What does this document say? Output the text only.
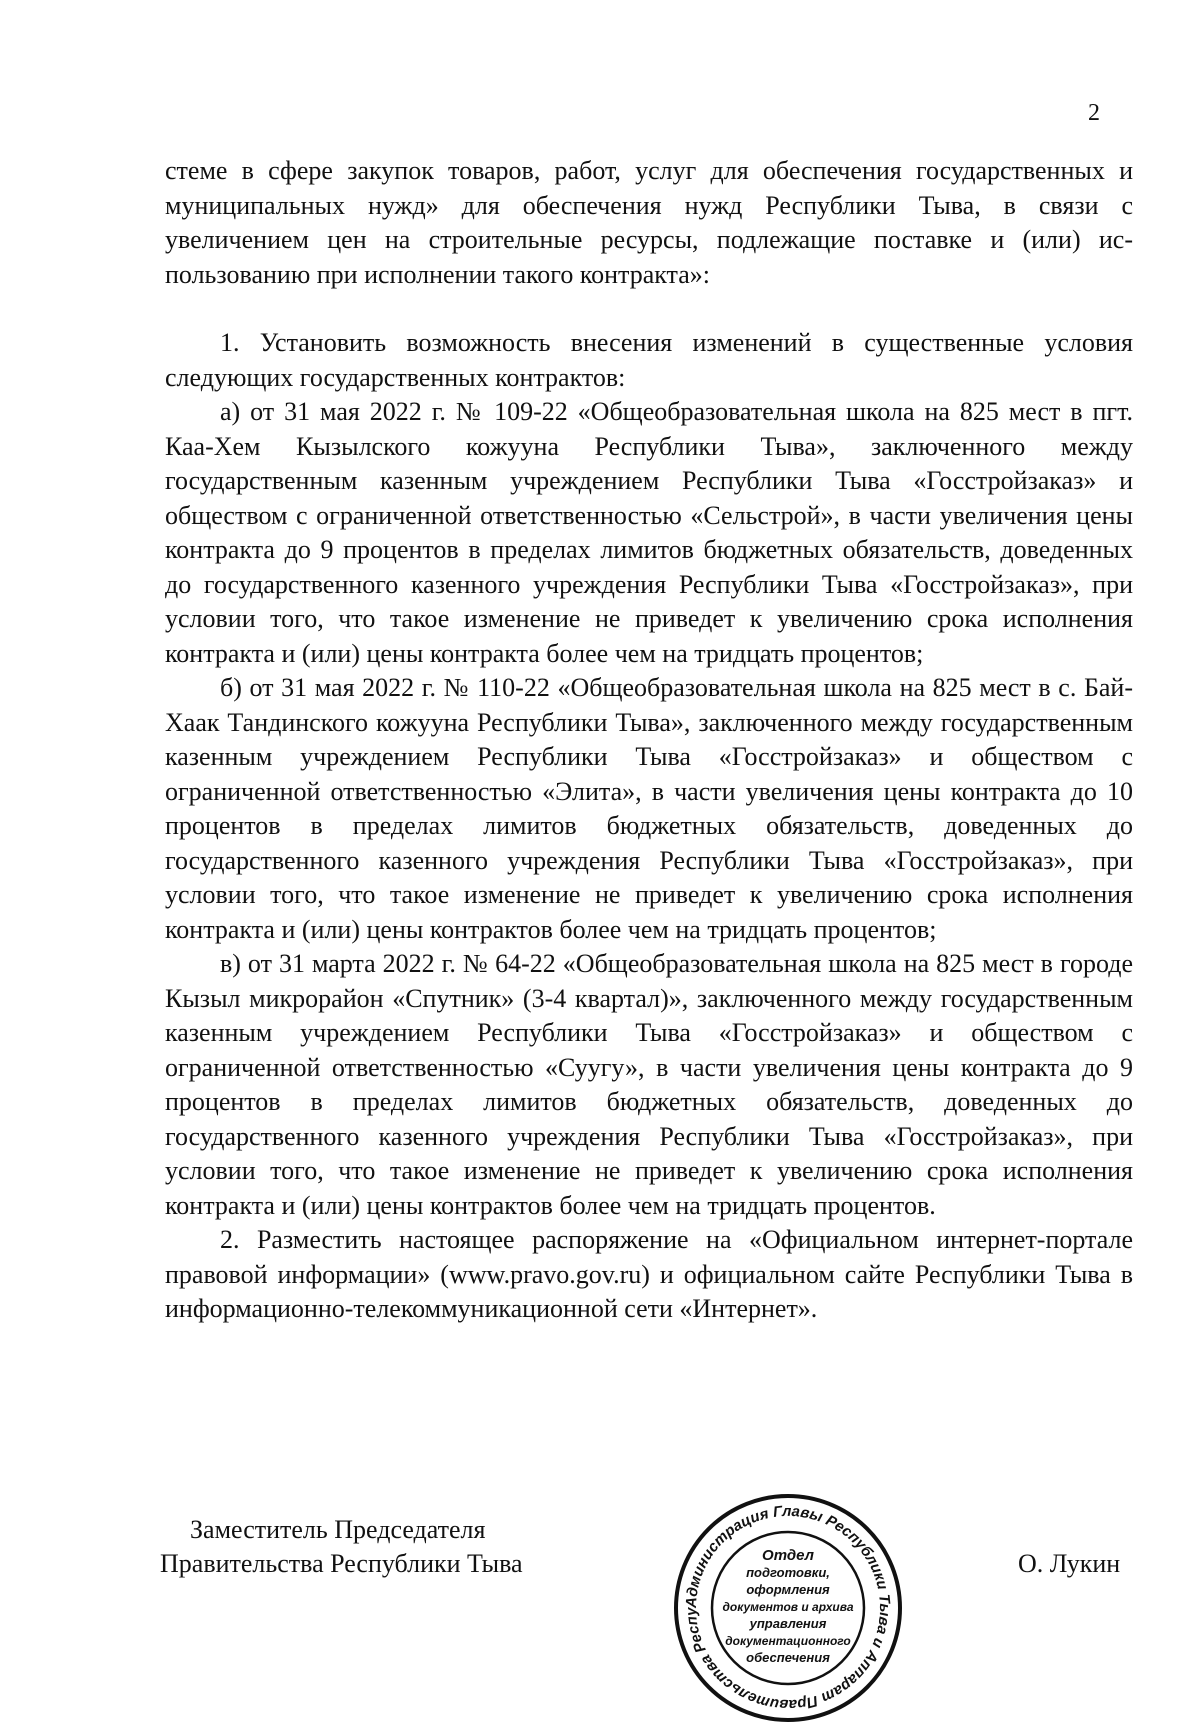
2

стеме в сфере закупок товаров, работ, услуг для обеспечения государственных и муниципальных нужд» для обеспечения нужд Республики Тыва, в связи с увеличением цен на строительные ресурсы, подлежащие поставке и (или) использованию при исполнении такого контракта»:

1. Установить возможность внесения изменений в существенные условия следующих государственных контрактов:

а) от 31 мая 2022 г. № 109-22 «Общеобразовательная школа на 825 мест в пгт. Каа-Хем Кызылского кожууна Республики Тыва», заключенного между государственным казенным учреждением Республики Тыва «Госстройзаказ» и обществом с ограниченной ответственностью «Сельстрой», в части увеличения цены контракта до 9 процентов в пределах лимитов бюджетных обязательств, доведенных до государственного казенного учреждения Республики Тыва «Госстройзаказ», при условии того, что такое изменение не приведет к увеличению срока исполнения контракта и (или) цены контракта более чем на тридцать процентов;

б) от 31 мая 2022 г. № 110-22 «Общеобразовательная школа на 825 мест в с. Бай-Хаак Тандинского кожууна Республики Тыва», заключенного между государственным казенным учреждением Республики Тыва «Госстройзаказ» и обществом с ограниченной ответственностью «Элита», в части увеличения цены контракта до 10 процентов в пределах лимитов бюджетных обязательств, доведенных до государственного казенного учреждения Республики Тыва «Госстройзаказ», при условии того, что такое изменение не приведет к увеличению срока исполнения контракта и (или) цены контрактов более чем на тридцать процентов;

в) от 31 марта 2022 г. № 64-22 «Общеобразовательная школа на 825 мест в городе Кызыл микрорайон «Спутник» (3-4 квартал)», заключенного между государственным казенным учреждением Республики Тыва «Госстройзаказ» и обществом с ограниченной ответственностью «Суугу», в части увеличения цены контракта до 9 процентов в пределах лимитов бюджетных обязательств, доведенных до государственного казенного учреждения Республики Тыва «Госстройзаказ», при условии того, что такое изменение не приведет к увеличению срока исполнения контракта и (или) цены контрактов более чем на тридцать процентов.

2. Разместить настоящее распоряжение на «Официальном интернет-портале правовой информации» (www.pravo.gov.ru) и официальном сайте Республики Тыва в информационно-телекоммуникационной сети «Интернет».

Заместитель Председателя
Правительства Республики Тыва	О. Лукин
Администрация Главы Республики Тыва и Аппарат Правительства Респу
Отдел
подготовки,
оформления
документов и архива
управления
документационного
обеспечения
